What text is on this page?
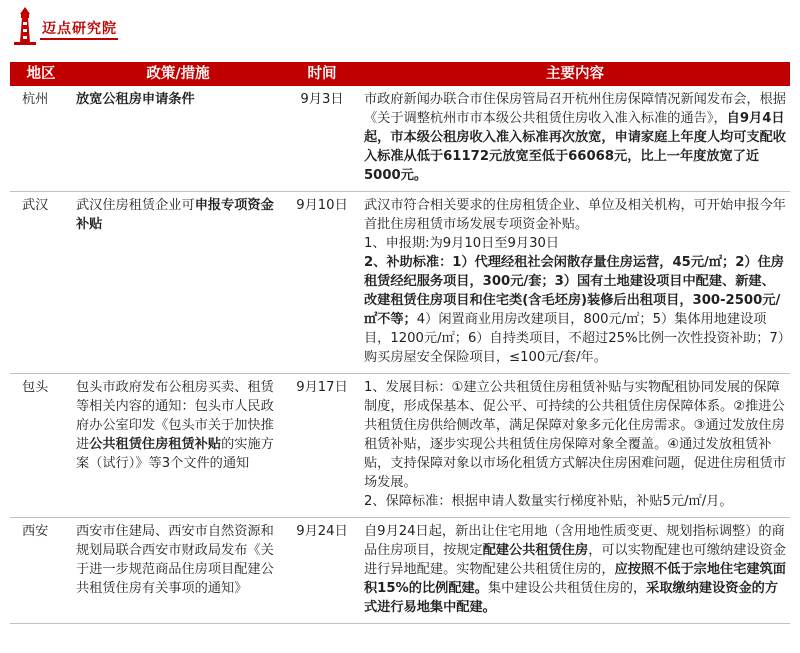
迈点研究院
地区	政策/措施	时间	主要内容
杭州	放宽公租房申请条件	9月3日	市政府新闻办联合市住保房管局召开杭州住房保障情况新闻发布会，根据《关于调整杭州市市本级公共租赁住房收入准入标准的通告》，自9月4日起，市本级公租房收入准入标准再次放宽，申请家庭上年度人均可支配收入标准从低于61172元放宽至低于66068元，比上一年度放宽了近5000元。
武汉	武汉住房租赁企业可申报专项资金补贴	9月10日	武汉市符合相关要求的住房租赁企业、单位及相关机构，可开始申报今年首批住房租赁市场发展专项资金补贴。
1、申报期:为9月10日至9月30日
2、补助标准：1）代理经租社会闲散存量住房运营，45元/㎡；2）住房租赁经纪服务项目，300元/套；3）国有土地建设项目中配建、新建、改建租赁住房项目和住宅类(含毛坯房)装修后出租项目，300-2500元/㎡不等；4）闲置商业用房改建项目，800元/㎡；5）集体用地建设项目，1200元/㎡；6）自持类项目，不超过25%比例一次性投资补助；7）购买房屋安全保险项目，≤100元/套/年。
包头	包头市政府发布公租房买卖、租赁等相关内容的通知：包头市人民政府办公室印发《包头市关于加快推进公共租赁住房租赁补贴的实施方案（试行）》等3个文件的通知	9月17日	1、发展目标：①建立公共租赁住房租赁补贴与实物配租协同发展的保障制度，形成保基本、促公平、可持续的公共租赁住房保障体系。②推进公共租赁住房供给侧改革，满足保障对象多元化住房需求。③通过发放住房租赁补贴，逐步实现公共租赁住房保障对象全覆盖。④通过发放租赁补贴，支持保障对象以市场化租赁方式解决住房困难问题，促进住房租赁市场发展。
2、保障标准：根据申请人数量实行梯度补贴，补贴5元/㎡/月。
西安	西安市住建局、西安市自然资源和规划局联合西安市财政局发布《关于进一步规范商品住房项目配建公共租赁住房有关事项的通知》	9月24日	自9月24日起，新出让住宅用地（含用地性质变更、规划指标调整）的商品住房项目，按规定配建公共租赁住房，可以实物配建也可缴纳建设资金进行异地配建。实物配建公共租赁住房的，应按照不低于宗地住宅建筑面积15%的比例配建。集中建设公共租赁住房的，采取缴纳建设资金的方式进行易地集中配建。
